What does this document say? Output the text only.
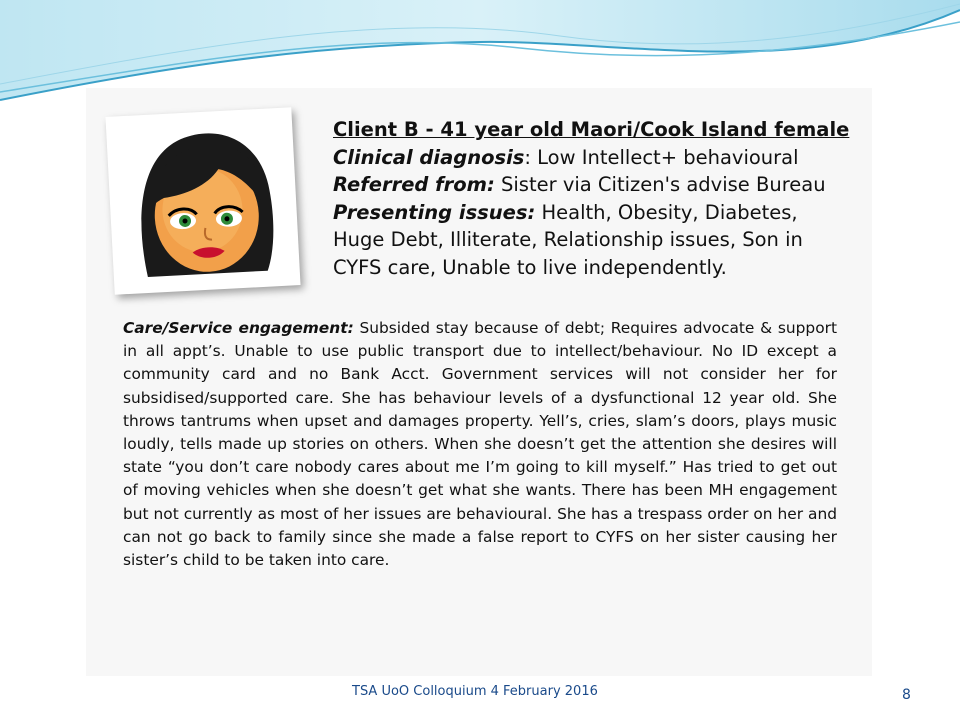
Client B - 41 year old Maori/Cook Island female
Clinical diagnosis: Low Intellect+ behavioural
Referred from: Sister via Citizen's advise Bureau
Presenting issues: Health, Obesity, Diabetes,
Huge Debt, Illiterate, Relationship issues, Son in
CYFS care, Unable to live independently.
Care/Service engagement: Subsided stay because of debt; Requires advocate & support in all appt’s. Unable to use public transport due to intellect/behaviour. No ID except a community card and no Bank Acct. Government services will not consider her for subsidised/supported care. She has behaviour levels of a dysfunctional 12 year old. She throws tantrums when upset and damages property. Yell’s, cries, slam’s doors, plays music loudly, tells made up stories on others. When she doesn’t get the attention she desires will state “you don’t care nobody cares about me I’m going to kill myself.” Has tried to get out of moving vehicles when she doesn’t get what she wants. There has been MH engagement but not currently as most of her issues are behavioural. She has a trespass order on her and can not go back to family since she made a false report to CYFS on her sister causing her sister’s child to be taken into care.
TSA UoO Colloquium 4 February 2016	8
